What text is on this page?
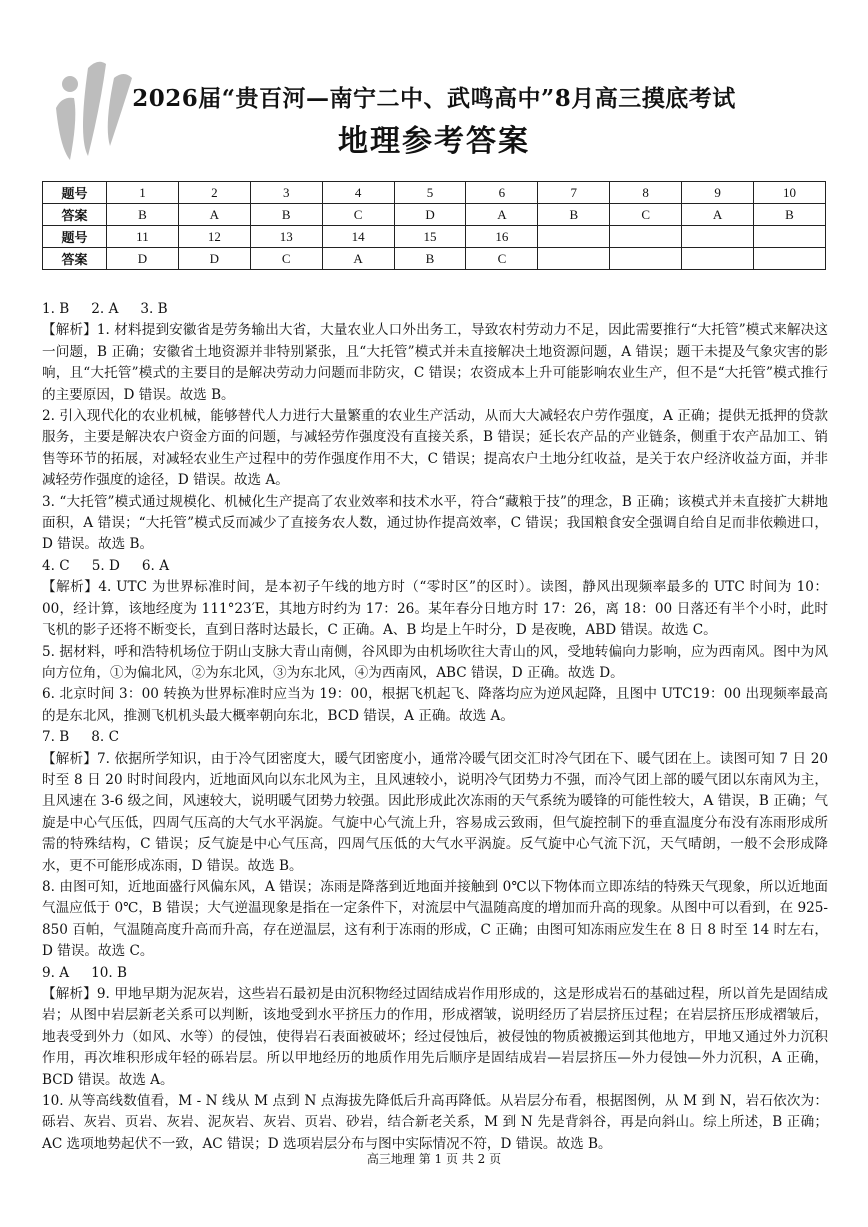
2026届“贵百河—南宁二中、武鸣高中”8月高三摸底考试
地理参考答案
题号	1	2	3	4	5	6	7	8	9	10
答案	B	A	B	C	D	A	B	C	A	B
题号	11	12	13	14	15	16				
答案	D	D	C	A	B	C				

1. B 2. A 3. B

【解析】1. 材料提到安徽省是劳务输出大省，大量农业人口外出务工，导致农村劳动力不足，因此需要推行“大托管”模式来解决这一问题，B 正确；安徽省土地资源并非特别紧张，且“大托管”模式并未直接解决土地资源问题，A 错误；题干未提及气象灾害的影响，且“大托管”模式的主要目的是解决劳动力问题而非防灾，C 错误；农资成本上升可能影响农业生产，但不是“大托管”模式推行的主要原因，D 错误。故选 B。

2. 引入现代化的农业机械，能够替代人力进行大量繁重的农业生产活动，从而大大减轻农户劳作强度，A 正确；提供无抵押的贷款服务，主要是解决农户资金方面的问题，与减轻劳作强度没有直接关系，B 错误；延长农产品的产业链条，侧重于农产品加工、销售等环节的拓展，对减轻农业生产过程中的劳作强度作用不大，C 错误；提高农户土地分红收益，是关于农户经济收益方面，并非减轻劳作强度的途径，D 错误。故选 A。

3. “大托管”模式通过规模化、机械化生产提高了农业效率和技术水平，符合“藏粮于技”的理念，B 正确；该模式并未直接扩大耕地面积，A 错误；“大托管”模式反而减少了直接务农人数，通过协作提高效率，C 错误；我国粮食安全强调自给自足而非依赖进口，D 错误。故选 B。

4. C 5. D 6. A

【解析】4. UTC 为世界标准时间，是本初子午线的地方时（“零时区”的区时）。读图，静风出现频率最多的 UTC 时间为 10：00，经计算，该地经度为 111°23′E，其地方时约为 17：26。某年春分日地方时 17：26，离 18：00 日落还有半个小时，此时飞机的影子还将不断变长，直到日落时达最长，C 正确。A、B 均是上午时分，D 是夜晚，ABD 错误。故选 C。

5. 据材料，呼和浩特机场位于阴山支脉大青山南侧，谷风即为由机场吹往大青山的风，受地转偏向力影响，应为西南风。图中为风向方位角，①为偏北风，②为东北风，③为东北风，④为西南风，ABC 错误，D 正确。故选 D。

6. 北京时间 3：00 转换为世界标准时应当为 19：00，根据飞机起飞、降落均应为逆风起降，且图中 UTC19：00 出现频率最高的是东北风，推测飞机机头最大概率朝向东北，BCD 错误，A 正确。故选 A。

7. B 8. C

【解析】7. 依据所学知识，由于冷气团密度大，暖气团密度小，通常冷暖气团交汇时冷气团在下、暖气团在上。读图可知 7 日 20 时至 8 日 20 时时间段内，近地面风向以东北风为主，且风速较小，说明冷气团势力不强，而冷气团上部的暖气团以东南风为主，且风速在 3-6 级之间，风速较大，说明暖气团势力较强。因此形成此次冻雨的天气系统为暖锋的可能性较大，A 错误，B 正确；气旋是中心气压低，四周气压高的大气水平涡旋。气旋中心气流上升，容易成云致雨，但气旋控制下的垂直温度分布没有冻雨形成所需的特殊结构，C 错误；反气旋是中心气压高，四周气压低的大气水平涡旋。反气旋中心气流下沉，天气晴朗，一般不会形成降水，更不可能形成冻雨，D 错误。故选 B。

8. 由图可知，近地面盛行风偏东风，A 错误；冻雨是降落到近地面并接触到 0℃以下物体而立即冻结的特殊天气现象，所以近地面气温应低于 0℃，B 错误；大气逆温现象是指在一定条件下，对流层中气温随高度的增加而升高的现象。从图中可以看到，在 925-850 百帕，气温随高度升高而升高，存在逆温层，这有利于冻雨的形成，C 正确；由图可知冻雨应发生在 8 日 8 时至 14 时左右，D 错误。故选 C。

9. A 10. B

【解析】9. 甲地早期为泥灰岩，这些岩石最初是由沉积物经过固结成岩作用形成的，这是形成岩石的基础过程，所以首先是固结成岩；从图中岩层新老关系可以判断，该地受到水平挤压力的作用，形成褶皱，说明经历了岩层挤压过程；在岩层挤压形成褶皱后，地表受到外力（如风、水等）的侵蚀，使得岩石表面被破坏；经过侵蚀后，被侵蚀的物质被搬运到其他地方，甲地又通过外力沉积作用，再次堆积形成年轻的砾岩层。所以甲地经历的地质作用先后顺序是固结成岩—岩层挤压—外力侵蚀—外力沉积，A 正确，BCD 错误。故选 A。

10. 从等高线数值看，M - N 线从 M 点到 N 点海拔先降低后升高再降低。从岩层分布看，根据图例，从 M 到 N，岩石依次为：砾岩、灰岩、页岩、灰岩、泥灰岩、灰岩、页岩、砂岩，结合新老关系，M 到 N 先是背斜谷，再是向斜山。综上所述，B 正确；AC 选项地势起伏不一致，AC 错误；D 选项岩层分布与图中实际情况不符，D 错误。故选 B。

高三地理 第 1 页 共 2 页
